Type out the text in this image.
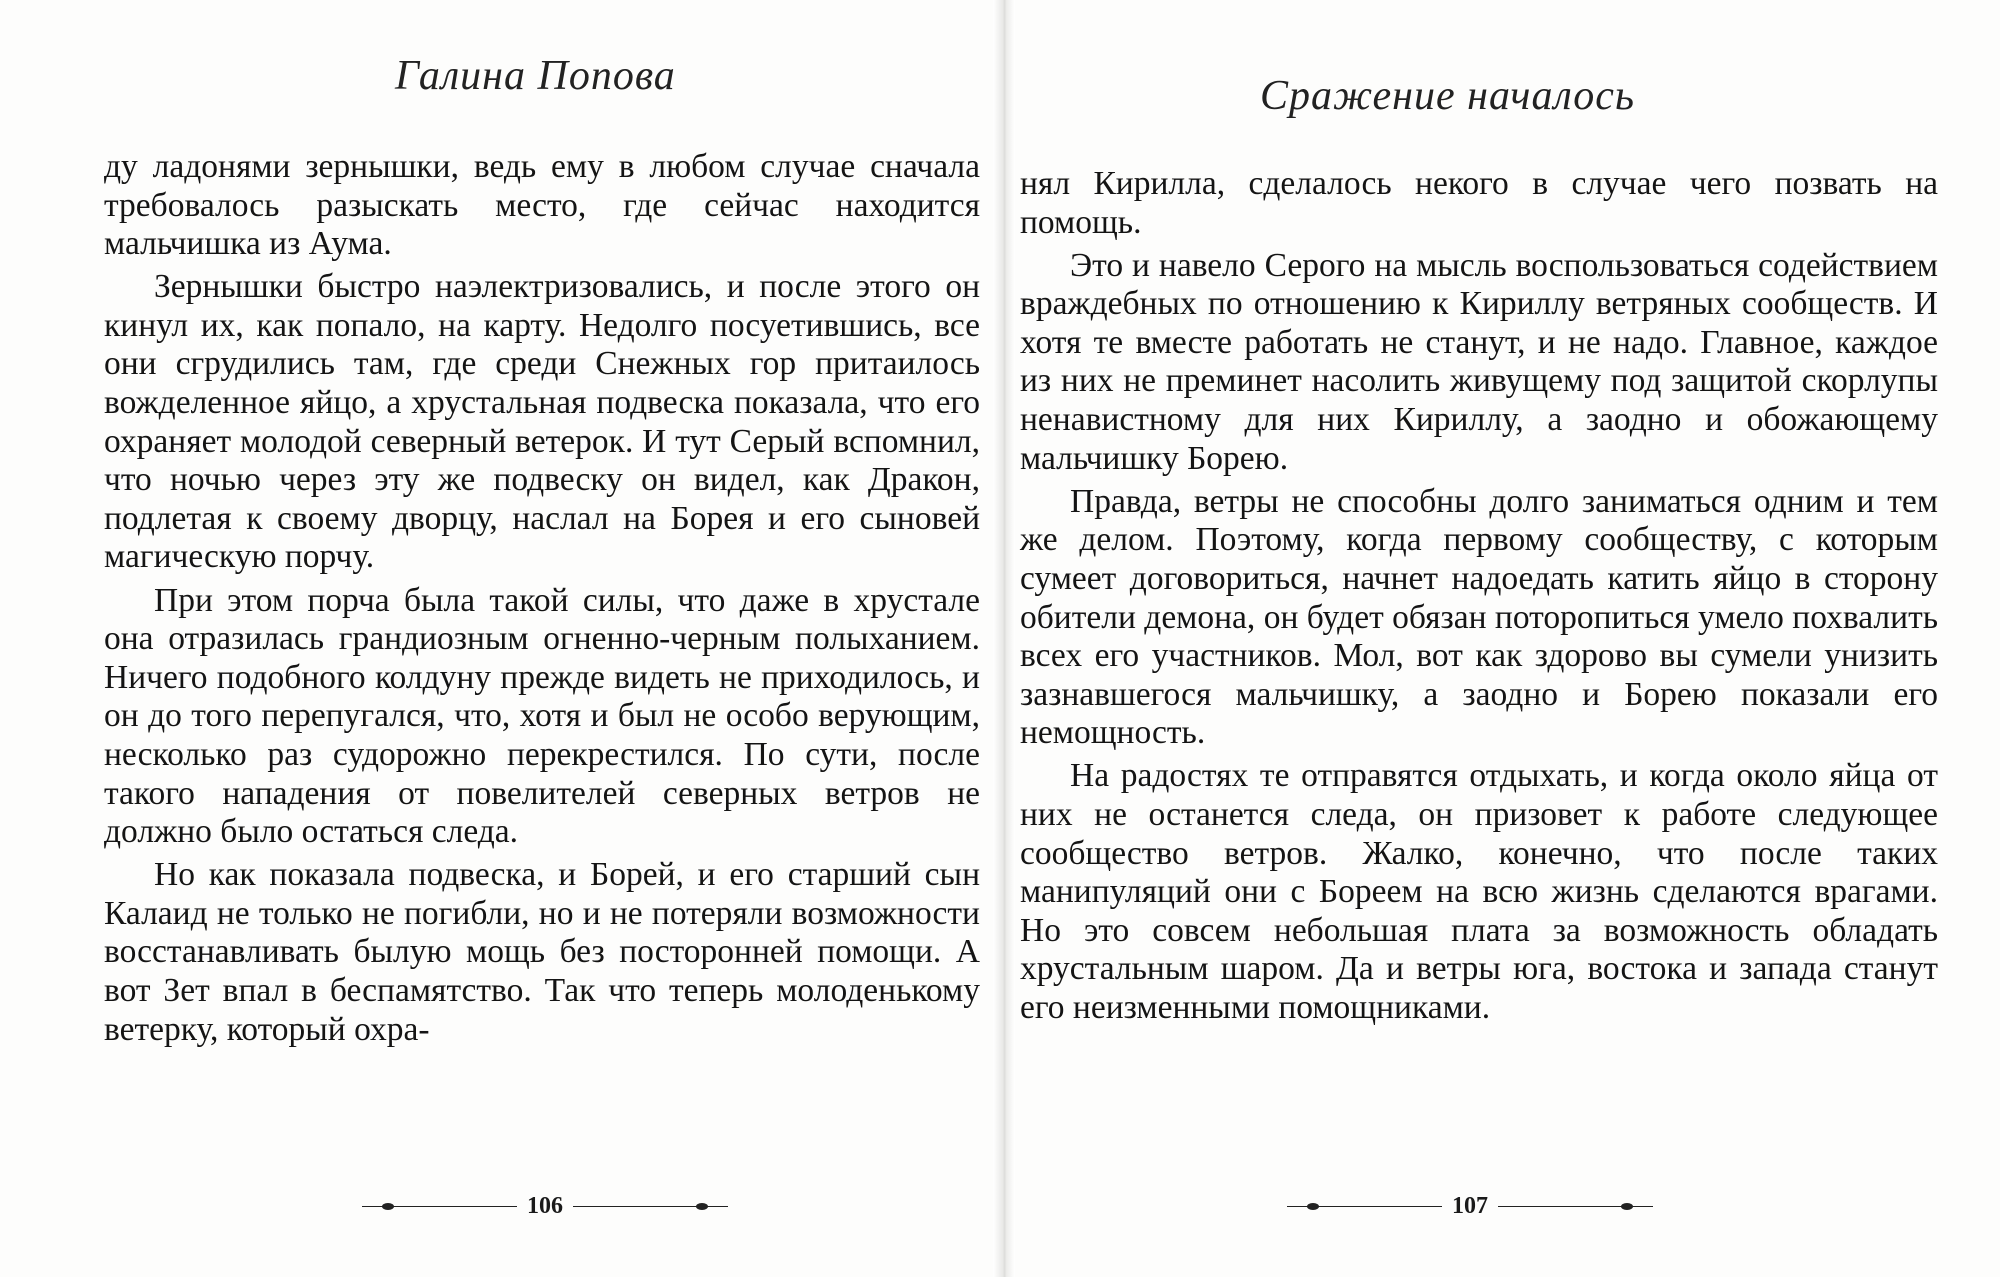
Галина Попова

ду ладонями зернышки, ведь ему в любом случае сначала требовалось разыскать место, где сейчас находится мальчишка из Аума.

Зернышки быстро наэлектризовались, и после этого он кинул их, как попало, на карту. Недолго посуетившись, все они сгрудились там, где среди Снежных гор притаилось вожделенное яйцо, а хрустальная подвеска показала, что его охраняет молодой северный ветерок. И тут Серый вспомнил, что ночью через эту же подвеску он видел, как Дракон, подлетая к своему дворцу, наслал на Борея и его сыновей магическую порчу.

При этом порча была такой силы, что даже в хрустале она отразилась грандиозным огненно-черным полыханием. Ничего подобного колдуну прежде видеть не приходилось, и он до того перепугался, что, хотя и был не особо верующим, несколько раз судорожно перекрестился. По сути, после такого нападения от повелителей северных ветров не должно было остаться следа.

Но как показала подвеска, и Борей, и его старший сын Калаид не только не погибли, но и не потеряли возможности восстанавливать былую мощь без посторонней помощи. А вот Зет впал в беспамятство. Так что теперь молоденькому ветерку, который охра-

106
Сражение началось

нял Кирилла, сделалось некого в случае чего позвать на помощь.

Это и навело Серого на мысль воспользоваться содействием враждебных по отношению к Кириллу ветряных сообществ. И хотя те вместе работать не станут, и не надо. Главное, каждое из них не преминет насолить живущему под защитой скорлупы ненавистному для них Кириллу, а заодно и обожающему мальчишку Борею.

Правда, ветры не способны долго заниматься одним и тем же делом. Поэтому, когда первому сообществу, с которым сумеет договориться, начнет надоедать катить яйцо в сторону обители демона, он будет обязан поторопиться умело похвалить всех его участников. Мол, вот как здорово вы сумели унизить зазнавшегося мальчишку, а заодно и Борею показали его немощность.

На радостях те отправятся отдыхать, и когда около яйца от них не останется следа, он призовет к работе следующее сообщество ветров. Жалко, конечно, что после таких манипуляций они с Бореем на всю жизнь сделаются врагами. Но это совсем небольшая плата за возможность обладать хрустальным шаром. Да и ветры юга, востока и запада станут его неизменными помощниками.

107
